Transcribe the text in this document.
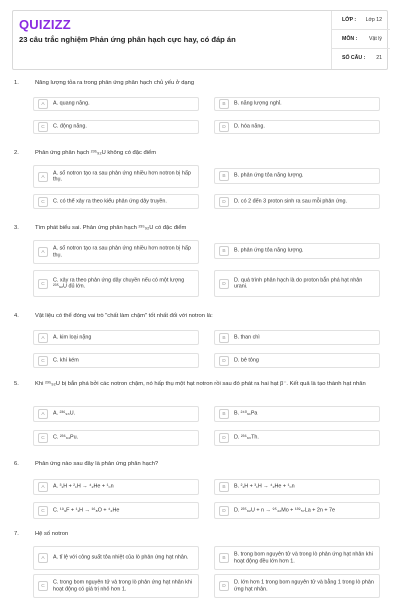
QUIZIZZ
23 câu trắc nghiệm Phản ứng phân hạch cực hay, có đáp án
LỚP : Lớp 12
MÔN : Vật lý
SỐ CÂU : 21
1.	Năng lượng tỏa ra trong phản ứng phân hạch chủ yếu ở dạng
A	A. quang năng.	B	B. năng lượng nghỉ.
C	C. động năng.	D	D. hóa năng.
2.	Phản ứng phân hạch ²³⁵₉₂U không có đặc điểm
A
A. số notron tạo ra sau phản ứng nhiều hơn notron bị hấp thụ.	B	B. phản ứng tỏa năng lượng.
C	C. có thể xảy ra theo kiểu phản ứng dây truyền.	D	D. có 2 đến 3 proton sinh ra sau mỗi phản ứng.
3.	Tìm phát biểu sai. Phản ứng phân hạch ²³⁵₉₂U có đặc điểm
A
A. số notron tạo ra sau phản ứng nhiều hơn notron bị hấp thụ.
B	B. phản ứng tỏa năng lượng.
C
C. xảy ra theo phản ứng dây chuyền nếu có một lượng ²³⁵₉₂U đủ lớn.	D
D. quá trình phân hạch là do proton bắn phá hạt nhân urani.
4.	Vật liệu có thể đóng vai trò "chất làm chậm" tốt nhất đối với notron là:
A	A. kim loại nặng	B	B. than chì
C	C. khí kém	D	D. bê tông
5.	Khi ²³⁵₉₂U bị bắn phá bởi các notron chậm, nó hấp thụ một hạt notron rồi sau đó phát ra hai hạt β⁻. Kết quả là tạo thành hạt nhân
A	A. ²³⁶₉₃U.	B	B. ²⁴⁰₉₁Pa
C	C. ²³⁶₉₄Pu.	D	D. ²³⁶₉₀Th.
6.	Phản ứng nào sau đây là phản ứng phân hạch?
A	A. ³₁H + ²₁H → ⁴₂He + ¹₀n	B	B. ²₁H + ³₁H → ⁴₂He + ¹₀n
C	C. ¹⁹₉F + ¹₁H → ¹⁶₈O + ⁴₂He	D	D. ²³⁵₉₂U + n → ⁹⁵₄₂Mo + ¹³⁹₅₇La + 2n + 7e
7.	Hệ số notron
A	A. tỉ lệ với công suất tỏa nhiệt của lò phản ứng hạt nhân.	B
B. trong bom nguyên tử và trong lò phản ứng hạt nhân khi hoạt động đều lớn hơn 1.
C
C. trong bom nguyên tử và trong lò phản ứng hạt nhân khi hoạt động có giá trị nhỏ hơn 1.	D
D. lớn hơn 1 trong bom nguyên tử và bằng 1 trong lò phản ứng hạt nhân.
